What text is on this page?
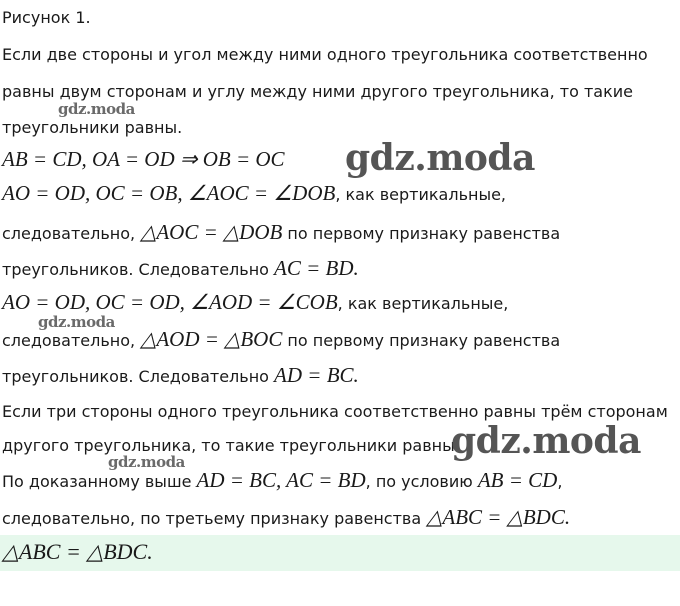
Рисунок 1.
Если две стороны и угол между ними одного треугольника соответственно
равны двум сторонам и углу между ними другого треугольника, то такие
треугольники равны.
AB = CD, OA = OD ⇒ OB = OC
AO = OD, OC = OB, ∠AOC = ∠DOB, как вертикальные,
следовательно, △AOC = △DOB по первому признаку равенства
треугольников. Следовательно AC = BD.
AO = OD, OC = OD, ∠AOD = ∠COB, как вертикальные,
следовательно, △AOD = △BOC по первому признаку равенства
треугольников. Следовательно AD = BC.
Если три стороны одного треугольника соответственно равны трём сторонам
другого треугольника, то такие треугольники равны.
По доказанному выше AD = BC, AC = BD, по условию AB = CD,
следовательно, по третьему признаку равенства △ABC = △BDC.
△ABC = △BDC.
gdz.moda
gdz.moda
gdz.moda
gdz.moda
gdz.moda
